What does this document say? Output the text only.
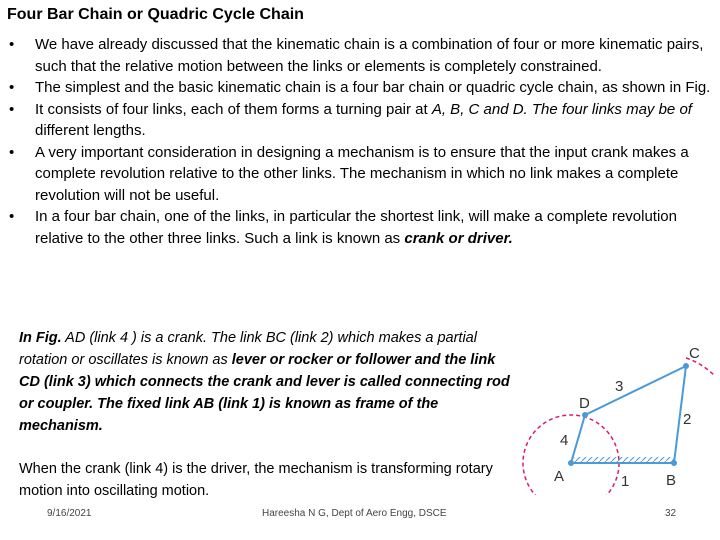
Four Bar Chain or Quadric Cycle Chain
• We have already discussed that the kinematic chain is a combination of four or more kinematic pairs, such that the relative motion between the links or elements is completely constrained.
• The simplest and the basic kinematic chain is a four bar chain or quadric cycle chain, as shown in Fig.
• It consists of four links, each of them forms a turning pair at A, B, C and D. The four links may be of different lengths.
• A very important consideration in designing a mechanism is to ensure that the input crank makes a complete revolution relative to the other links. The mechanism in which no link makes a complete revolution will not be useful.
• In a four bar chain, one of the links, in particular the shortest link, will make a complete revolution relative to the other three links. Such a link is known as crank or driver.
In Fig. AD (link 4 ) is a crank. The link BC (link 2) which makes a partial rotation or oscillates is known as lever or rocker or follower and the link CD (link 3) which connects the crank and lever is called connecting rod or coupler. The fixed link AB (link 1) is known as frame of the mechanism.
When the crank (link 4) is the driver, the mechanism is transforming rotary motion into oscillating motion.
A	B
C
D
1
2
3
4
9/16/2021	Hareesha N G, Dept of Aero Engg, DSCE	32
